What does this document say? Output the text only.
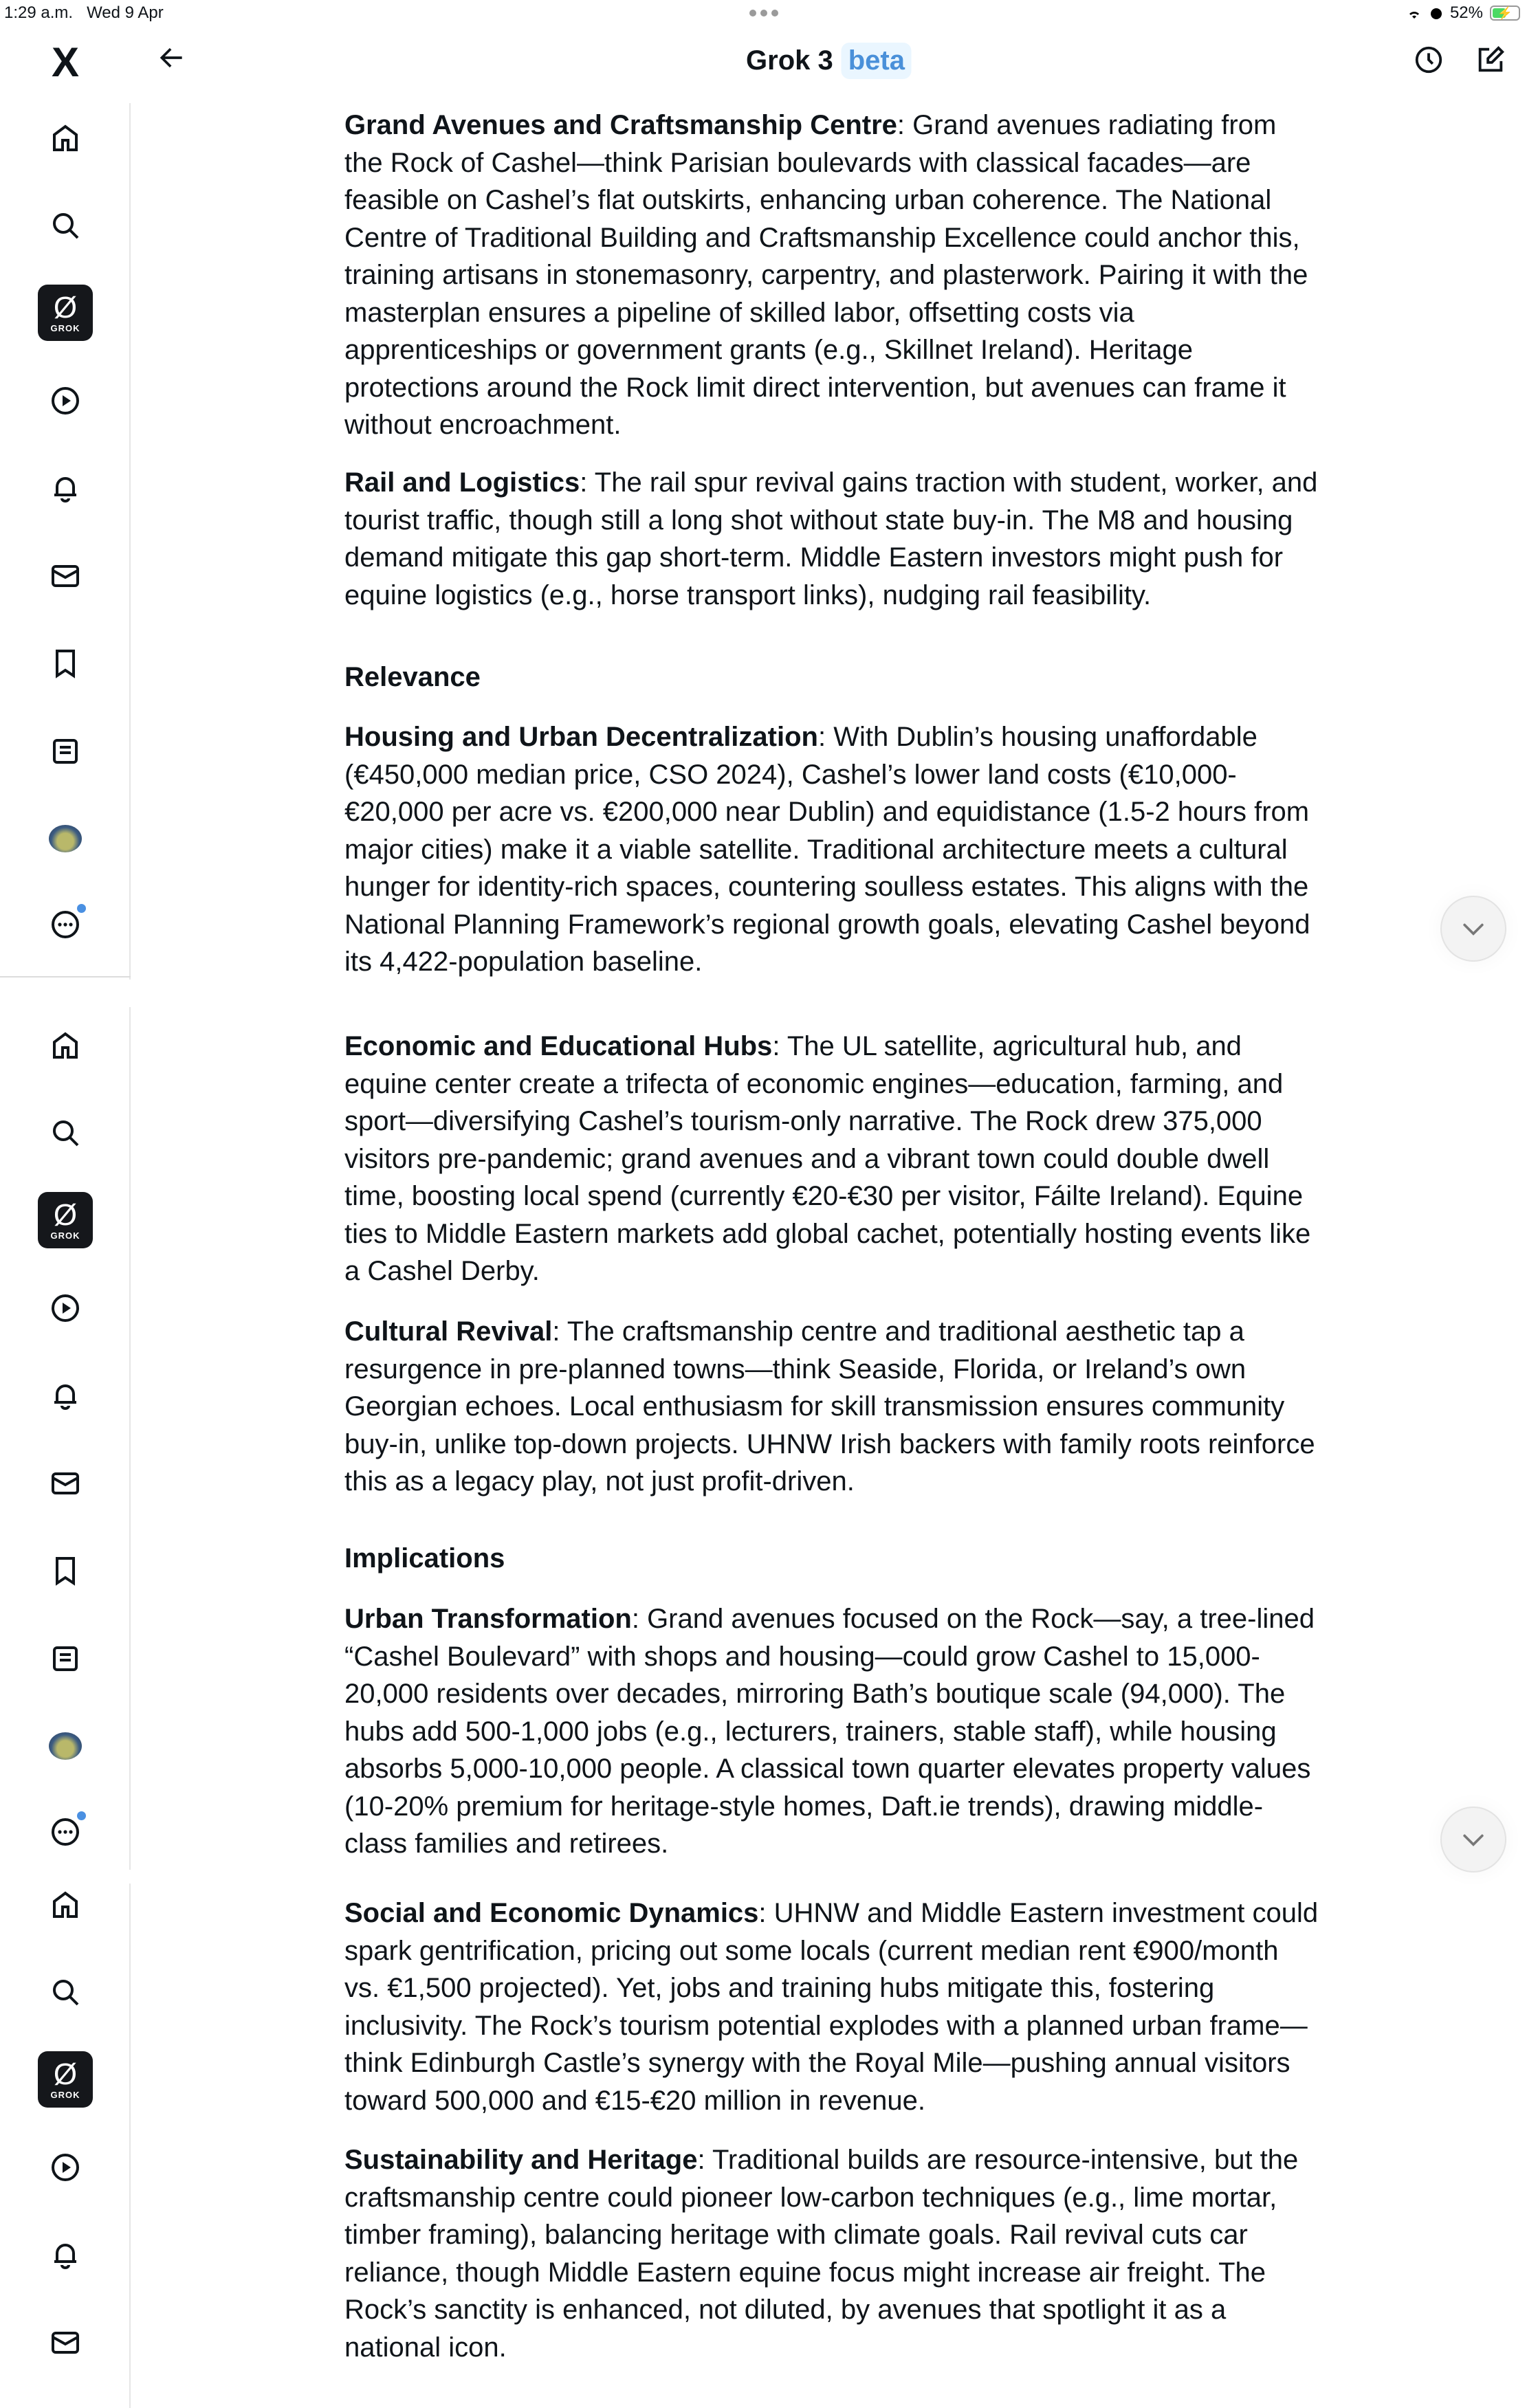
1:29 a.m. Wed 9 Apr	52% ⚡
X	Grok 3 beta

Grand Avenues and Craftsmanship Centre: Grand avenues radiating from the Rock of Cashel—think Parisian boulevards with classical facades—are feasible on Cashel’s flat outskirts, enhancing urban coherence. The National Centre of Traditional Building and Craftsmanship Excellence could anchor this, training artisans in stonemasonry, carpentry, and plasterwork. Pairing it with the masterplan ensures a pipeline of skilled labor, offsetting costs via apprenticeships or government grants (e.g., Skillnet Ireland). Heritage protections around the Rock limit direct intervention, but avenues can frame it without encroachment.

Rail and Logistics: The rail spur revival gains traction with student, worker, and tourist traffic, though still a long shot without state buy-in. The M8 and housing demand mitigate this gap short-term. Middle Eastern investors might push for equine logistics (e.g., horse transport links), nudging rail feasibility.

Relevance

Housing and Urban Decentralization: With Dublin’s housing unaffordable (€450,000 median price, CSO 2024), Cashel’s lower land costs (€10,000-€20,000 per acre vs. €200,000 near Dublin) and equidistance (1.5-2 hours from major cities) make it a viable satellite. Traditional architecture meets a cultural hunger for identity-rich spaces, countering soulless estates. This aligns with the National Planning Framework’s regional growth goals, elevating Cashel beyond its 4,422-population baseline.

Economic and Educational Hubs: The UL satellite, agricultural hub, and equine center create a trifecta of economic engines—education, farming, and sport—diversifying Cashel’s tourism-only narrative. The Rock drew 375,000 visitors pre-pandemic; grand avenues and a vibrant town could double dwell time, boosting local spend (currently €20-€30 per visitor, Fáilte Ireland). Equine ties to Middle Eastern markets add global cachet, potentially hosting events like a Cashel Derby.

Cultural Revival: The craftsmanship centre and traditional aesthetic tap a resurgence in pre-planned towns—think Seaside, Florida, or Ireland’s own Georgian echoes. Local enthusiasm for skill transmission ensures community buy-in, unlike top-down projects. UHNW Irish backers with family roots reinforce this as a legacy play, not just profit-driven.

Implications

Urban Transformation: Grand avenues focused on the Rock—say, a tree-lined “Cashel Boulevard” with shops and housing—could grow Cashel to 15,000-20,000 residents over decades, mirroring Bath’s boutique scale (94,000). The hubs add 500-1,000 jobs (e.g., lecturers, trainers, stable staff), while housing absorbs 5,000-10,000 people. A classical town quarter elevates property values (10-20% premium for heritage-style homes, Daft.ie trends), drawing middle-class families and retirees.

Social and Economic Dynamics: UHNW and Middle Eastern investment could spark gentrification, pricing out some locals (current median rent €900/month vs. €1,500 projected). Yet, jobs and training hubs mitigate this, fostering inclusivity. The Rock’s tourism potential explodes with a planned urban frame—think Edinburgh Castle’s synergy with the Royal Mile—pushing annual visitors toward 500,000 and €15-€20 million in revenue.

Sustainability and Heritage: Traditional builds are resource-intensive, but the craftsmanship centre could pioneer low-carbon techniques (e.g., lime mortar, timber framing), balancing heritage with climate goals. Rail revival cuts car reliance, though Middle Eastern equine focus might increase air freight. The Rock’s sanctity is enhanced, not diluted, by avenues that spotlight it as a national icon.

Ø
GROK
Ø
GROK
Ø
GROK
